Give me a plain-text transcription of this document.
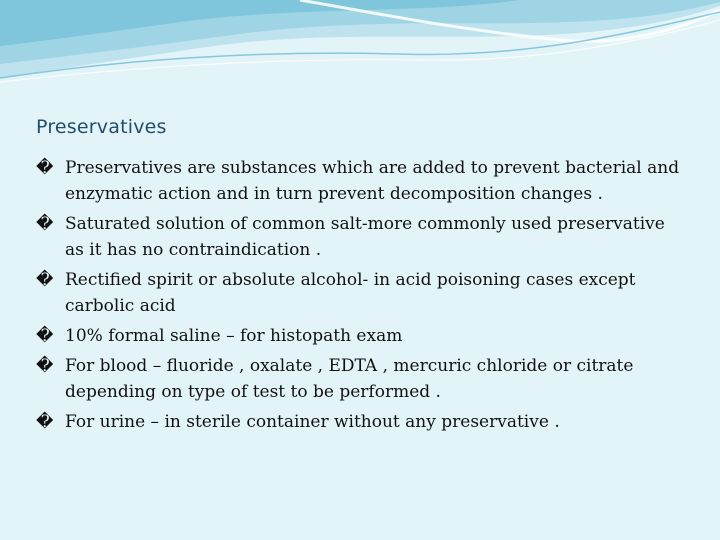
Preservatives
� Preservatives are substances which are added to prevent bacterial and enzymatic action and in turn prevent decomposition changes .
� Saturated solution of common salt-more commonly used preservative as it has no contraindication .
� Rectified spirit or absolute alcohol- in acid poisoning cases except carbolic acid
� 10% formal saline – for histopath exam
� For blood – fluoride , oxalate , EDTA , mercuric chloride or citrate depending on type of test to be performed .
� For urine – in sterile container without any preservative .
